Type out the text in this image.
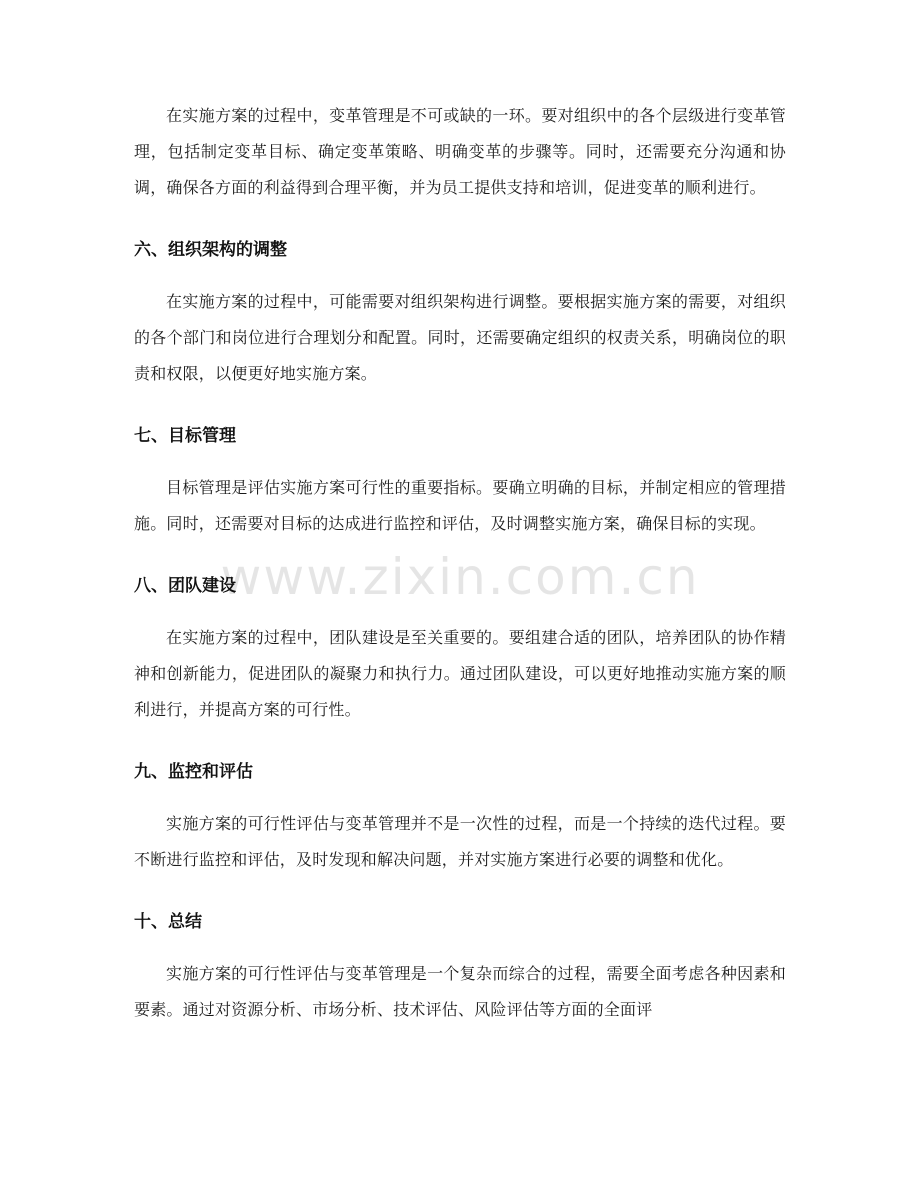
在实施方案的过程中，变革管理是不可或缺的一环。要对组织中的各个层级进行变革管理，包括制定变革目标、确定变革策略、明确变革的步骤等。同时，还需要充分沟通和协调，确保各方面的利益得到合理平衡，并为员工提供支持和培训，促进变革的顺利进行。

六、组织架构的调整

在实施方案的过程中，可能需要对组织架构进行调整。要根据实施方案的需要，对组织的各个部门和岗位进行合理划分和配置。同时，还需要确定组织的权责关系，明确岗位的职责和权限，以便更好地实施方案。

七、目标管理

目标管理是评估实施方案可行性的重要指标。要确立明确的目标，并制定相应的管理措施。同时，还需要对目标的达成进行监控和评估，及时调整实施方案，确保目标的实现。

八、团队建设

在实施方案的过程中，团队建设是至关重要的。要组建合适的团队，培养团队的协作精神和创新能力，促进团队的凝聚力和执行力。通过团队建设，可以更好地推动实施方案的顺利进行，并提高方案的可行性。

九、监控和评估

实施方案的可行性评估与变革管理并不是一次性的过程，而是一个持续的迭代过程。要不断进行监控和评估，及时发现和解决问题，并对实施方案进行必要的调整和优化。

十、总结

实施方案的可行性评估与变革管理是一个复杂而综合的过程，需要全面考虑各种因素和要素。通过对资源分析、市场分析、技术评估、风险评估等方面的全面评

www.zixin.com.cn
